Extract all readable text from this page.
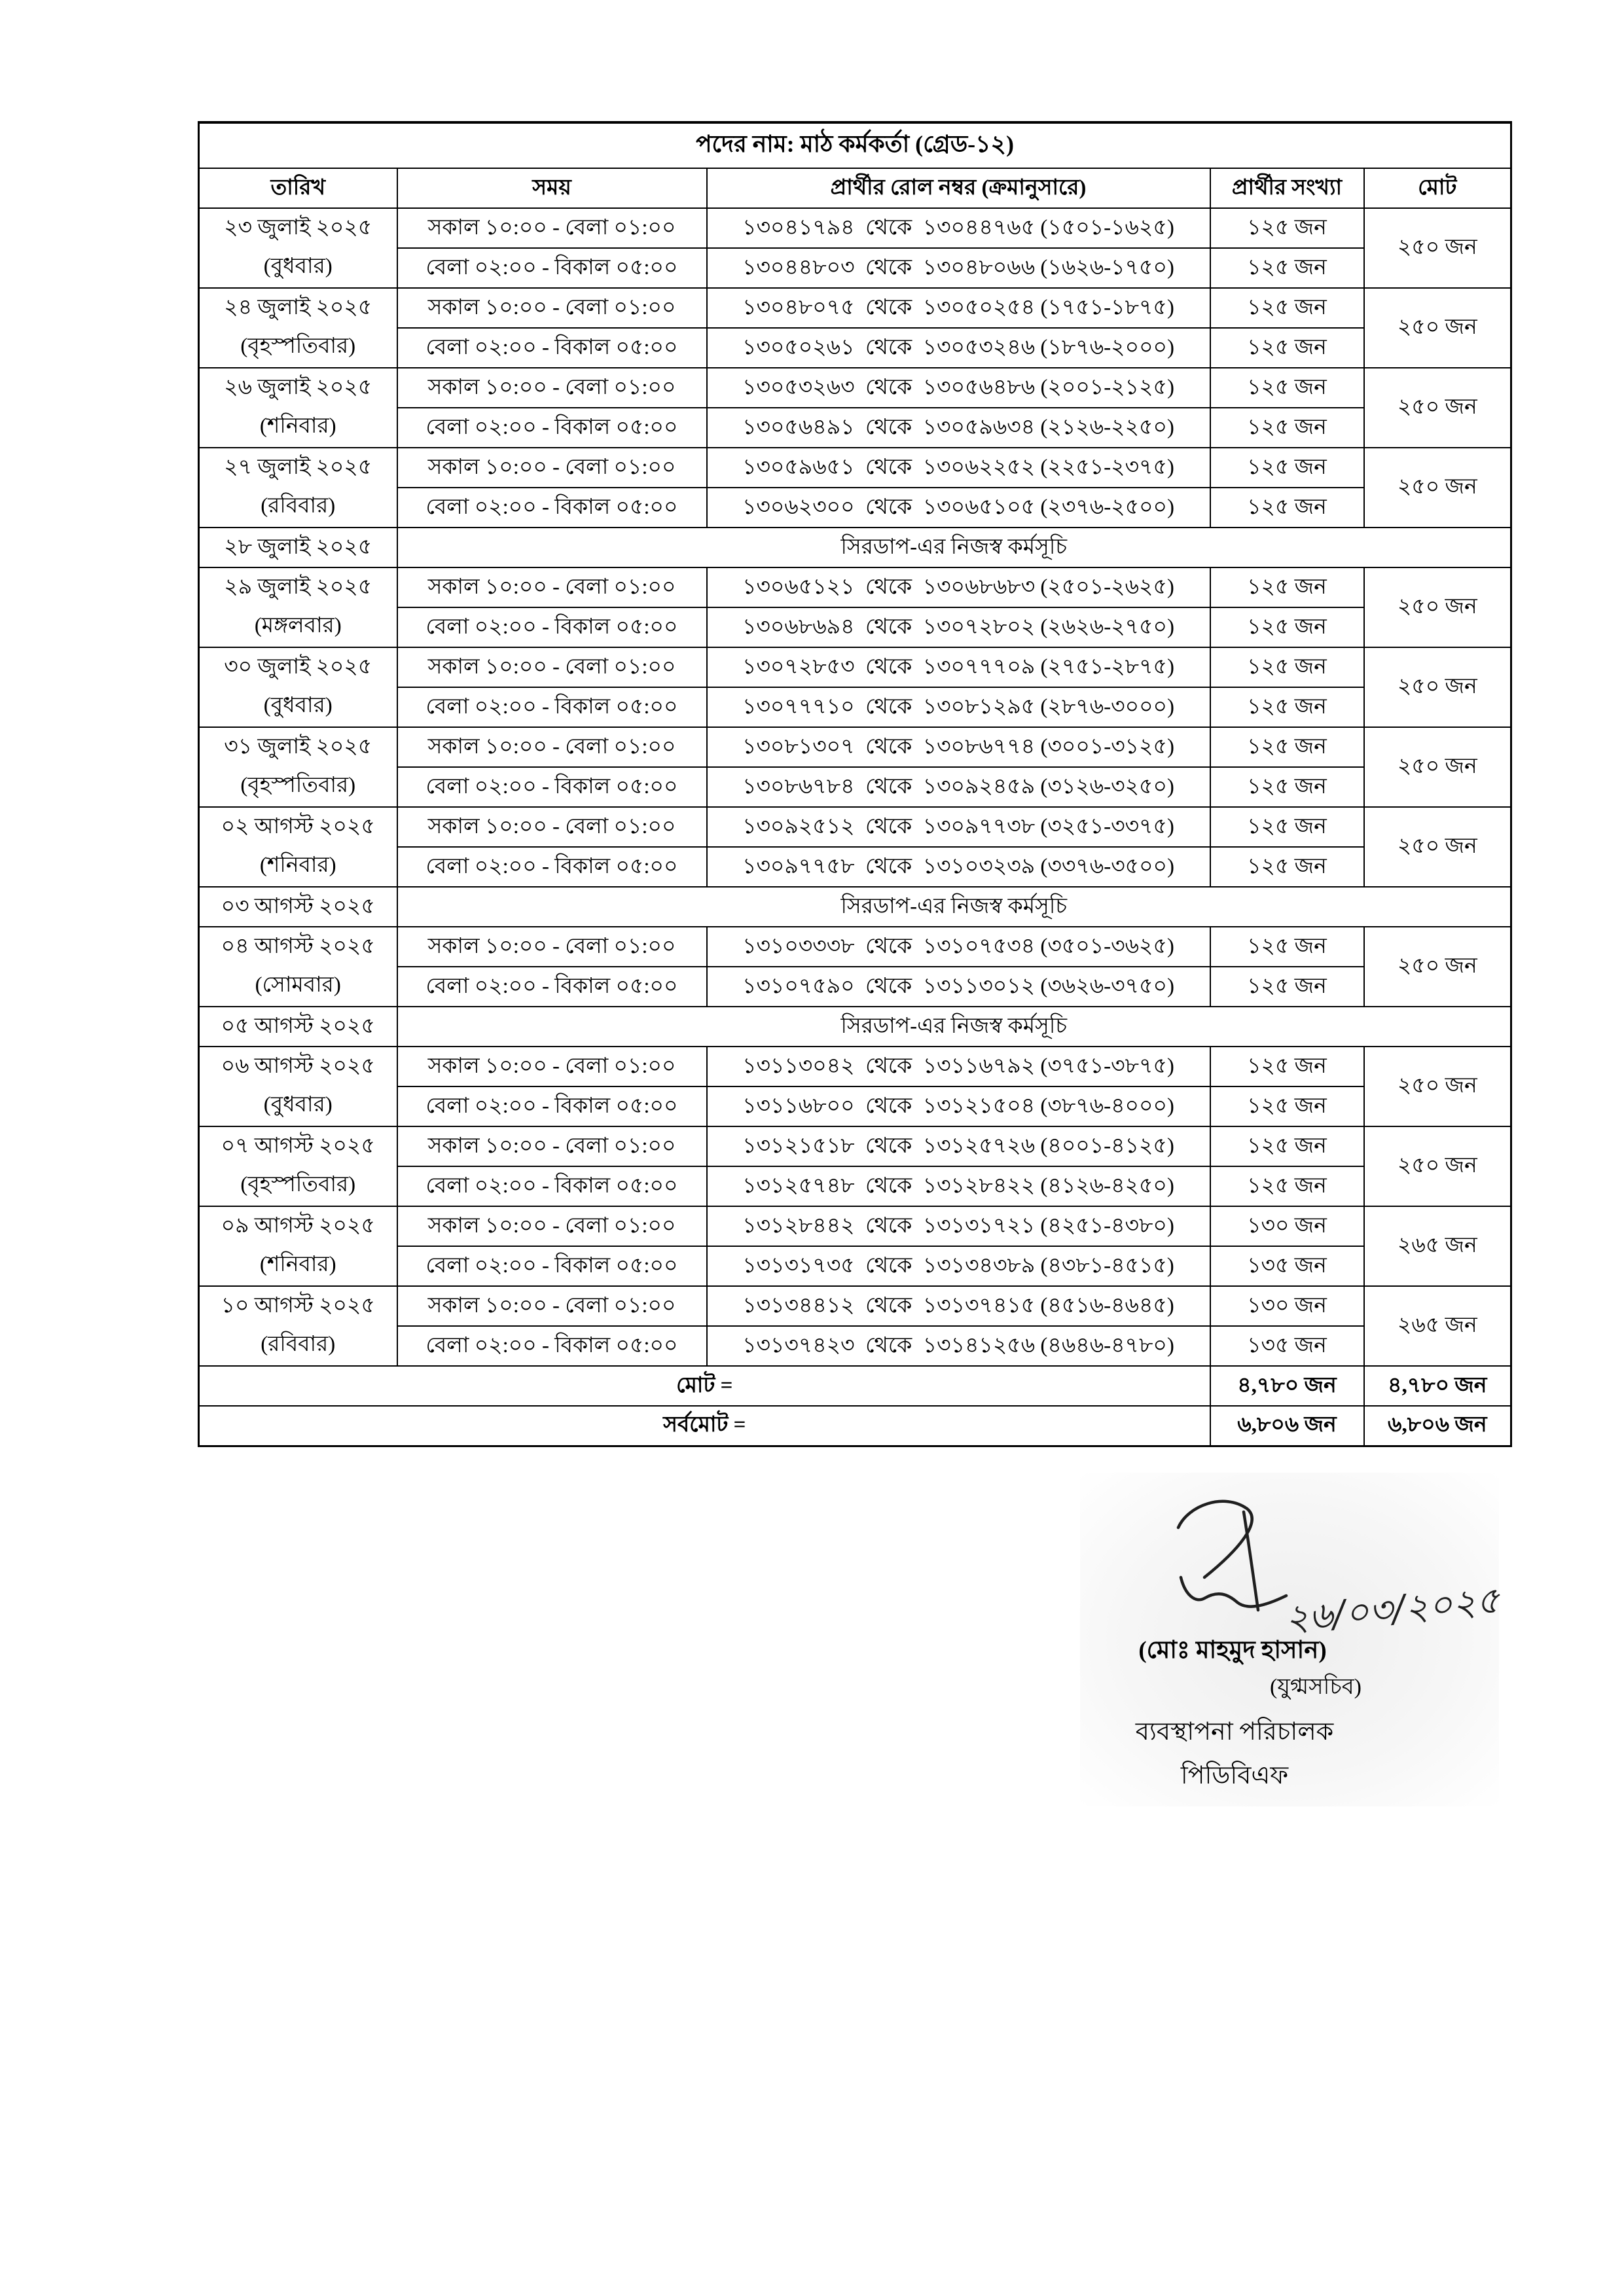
পদের নাম: মাঠ কর্মকর্তা (গ্রেড-১২)				
তারিখ	সময়	প্রার্থীর রোল নম্বর (ক্রমানুসারে)	প্রার্থীর সংখ্যা	মোট

২৩ জুলাই ২০২৫
(বুধবার)	সকাল ১০:০০ - বেলা ০১:০০	১৩০৪১৭৯৪  থেকে  ১৩০৪৪৭৬৫ (১৫০১-১৬২৫)	১২৫ জন	২৫০ জন
	বেলা ০২:০০ - বিকাল ০৫:০০	১৩০৪৪৮০৩  থেকে  ১৩০৪৮০৬৬ (১৬২৬-১৭৫০)	১২৫ জন	

২৪ জুলাই ২০২৫
(বৃহস্পতিবার)	সকাল ১০:০০ - বেলা ০১:০০	১৩০৪৮০৭৫  থেকে  ১৩০৫০২৫৪ (১৭৫১-১৮৭৫)	১২৫ জন	২৫০ জন
	বেলা ০২:০০ - বিকাল ০৫:০০	১৩০৫০২৬১  থেকে  ১৩০৫৩২৪৬ (১৮৭৬-২০০০)	১২৫ জন	

২৬ জুলাই ২০২৫
(শনিবার)	সকাল ১০:০০ - বেলা ০১:০০	১৩০৫৩২৬৩  থেকে  ১৩০৫৬৪৮৬ (২০০১-২১২৫)	১২৫ জন	২৫০ জন
	বেলা ০২:০০ - বিকাল ০৫:০০	১৩০৫৬৪৯১  থেকে  ১৩০৫৯৬৩৪ (২১২৬-২২৫০)	১২৫ জন	

২৭ জুলাই ২০২৫
(রবিবার)	সকাল ১০:০০ - বেলা ০১:০০	১৩০৫৯৬৫১  থেকে  ১৩০৬২২৫২ (২২৫১-২৩৭৫)	১২৫ জন	২৫০ জন
	বেলা ০২:০০ - বিকাল ০৫:০০	১৩০৬২৩০০  থেকে  ১৩০৬৫১০৫ (২৩৭৬-২৫০০)	১২৫ জন	

২৮ জুলাই ২০২৫	সিরডাপ-এর নিজস্ব কর্মসূচি			

২৯ জুলাই ২০২৫
(মঙ্গলবার)	সকাল ১০:০০ - বেলা ০১:০০	১৩০৬৫১২১  থেকে  ১৩০৬৮৬৮৩ (২৫০১-২৬২৫)	১২৫ জন	২৫০ জন
	বেলা ০২:০০ - বিকাল ০৫:০০	১৩০৬৮৬৯৪  থেকে  ১৩০৭২৮০২ (২৬২৬-২৭৫০)	১২৫ জন	

৩০ জুলাই ২০২৫
(বুধবার)	সকাল ১০:০০ - বেলা ০১:০০	১৩০৭২৮৫৩  থেকে  ১৩০৭৭৭০৯ (২৭৫১-২৮৭৫)	১২৫ জন	২৫০ জন
	বেলা ০২:০০ - বিকাল ০৫:০০	১৩০৭৭৭১০  থেকে  ১৩০৮১২৯৫ (২৮৭৬-৩০০০)	১২৫ জন	

৩১ জুলাই ২০২৫
(বৃহস্পতিবার)	সকাল ১০:০০ - বেলা ০১:০০	১৩০৮১৩০৭  থেকে  ১৩০৮৬৭৭৪ (৩০০১-৩১২৫)	১২৫ জন	২৫০ জন
	বেলা ০২:০০ - বিকাল ০৫:০০	১৩০৮৬৭৮৪  থেকে  ১৩০৯২৪৫৯ (৩১২৬-৩২৫০)	১২৫ জন	

০২ আগস্ট ২০২৫
(শনিবার)	সকাল ১০:০০ - বেলা ০১:০০	১৩০৯২৫১২  থেকে  ১৩০৯৭৭৩৮ (৩২৫১-৩৩৭৫)	১২৫ জন	২৫০ জন
	বেলা ০২:০০ - বিকাল ০৫:০০	১৩০৯৭৭৫৮  থেকে  ১৩১০৩২৩৯ (৩৩৭৬-৩৫০০)	১২৫ জন	

০৩ আগস্ট ২০২৫	সিরডাপ-এর নিজস্ব কর্মসূচি			

০৪ আগস্ট ২০২৫
(সোমবার)	সকাল ১০:০০ - বেলা ০১:০০	১৩১০৩৩৩৮  থেকে  ১৩১০৭৫৩৪ (৩৫০১-৩৬২৫)	১২৫ জন	২৫০ জন
	বেলা ০২:০০ - বিকাল ০৫:০০	১৩১০৭৫৯০  থেকে  ১৩১১৩০১২ (৩৬২৬-৩৭৫০)	১২৫ জন	

০৫ আগস্ট ২০২৫	সিরডাপ-এর নিজস্ব কর্মসূচি			

০৬ আগস্ট ২০২৫
(বুধবার)	সকাল ১০:০০ - বেলা ০১:০০	১৩১১৩০৪২  থেকে  ১৩১১৬৭৯২ (৩৭৫১-৩৮৭৫)	১২৫ জন	২৫০ জন
	বেলা ০২:০০ - বিকাল ০৫:০০	১৩১১৬৮০০  থেকে  ১৩১২১৫০৪ (৩৮৭৬-৪০০০)	১২৫ জন	

০৭ আগস্ট ২০২৫
(বৃহস্পতিবার)	সকাল ১০:০০ - বেলা ০১:০০	১৩১২১৫১৮  থেকে  ১৩১২৫৭২৬ (৪০০১-৪১২৫)	১২৫ জন	২৫০ জন
	বেলা ০২:০০ - বিকাল ০৫:০০	১৩১২৫৭৪৮  থেকে  ১৩১২৮৪২২ (৪১২৬-৪২৫০)	১২৫ জন	

০৯ আগস্ট ২০২৫
(শনিবার)	সকাল ১০:০০ - বেলা ০১:০০	১৩১২৮৪৪২  থেকে  ১৩১৩১৭২১ (৪২৫১-৪৩৮০)	১৩০ জন	২৬৫ জন
	বেলা ০২:০০ - বিকাল ০৫:০০	১৩১৩১৭৩৫  থেকে  ১৩১৩৪৩৮৯ (৪৩৮১-৪৫১৫)	১৩৫ জন	

১০ আগস্ট ২০২৫
(রবিবার)	সকাল ১০:০০ - বেলা ০১:০০	১৩১৩৪৪১২  থেকে  ১৩১৩৭৪১৫ (৪৫১৬-৪৬৪৫)	১৩০ জন	২৬৫ জন
	বেলা ০২:০০ - বিকাল ০৫:০০	১৩১৩৭৪২৩  থেকে  ১৩১৪১২৫৬ (৪৬৪৬-৪৭৮০)	১৩৫ জন	
মোট =			৪,৭৮০ জন	৪,৭৮০ জন
সর্বমোট =			৬,৮০৬ জন	৬,৮০৬ জন
২৬/০৩/২০২৫
(মোঃ মাহমুদ হাসান)
(যুগ্মসচিব)
ব্যবস্থাপনা পরিচালক
পিডিবিএফ
